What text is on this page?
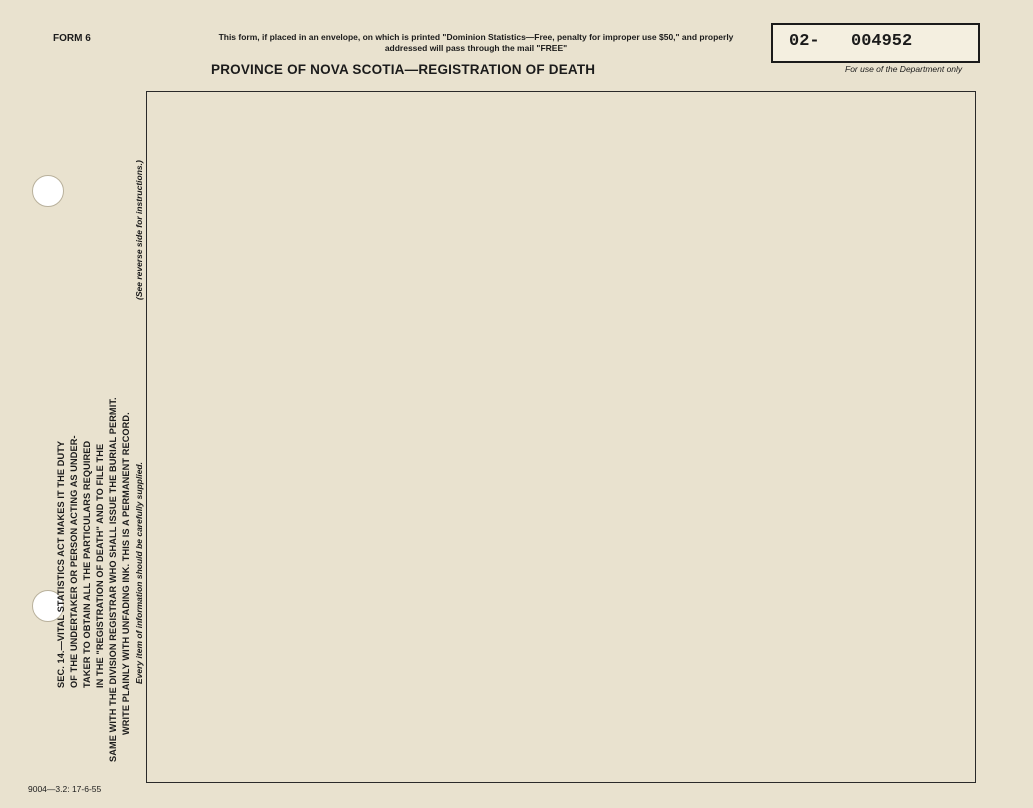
FORM 6	This form, if placed in an envelope, on which is printed "Dominion Statistics—Free, penalty for improper use $50," and properly addressed will pass through the mail "FREE"
PROVINCE OF NOVA SCOTIA—REGISTRATION OF DEATH
02- 004952
For use of the Department only
SEC. 14.—VITAL STATISTICS ACT MAKES IT THE DUTY OF THE UNDERTAKER OR PERSON ACTING AS UNDER- TAKER TO OBTAIN ALL THE PARTICULARS REQUIRED IN THE "REGISTRATION OF DEATH" AND TO FILE THE SAME WITH THE DIVISION REGISTRAR WHO SHALL ISSUE THE BURIAL PERMIT. WRITE PLAINLY WITH UNFADING INK. THIS IS A PERMANENT RECORD. Every item of information should be carefully supplied.
(See reverse side for instructions.)
9004—3.2: 17-6-55
